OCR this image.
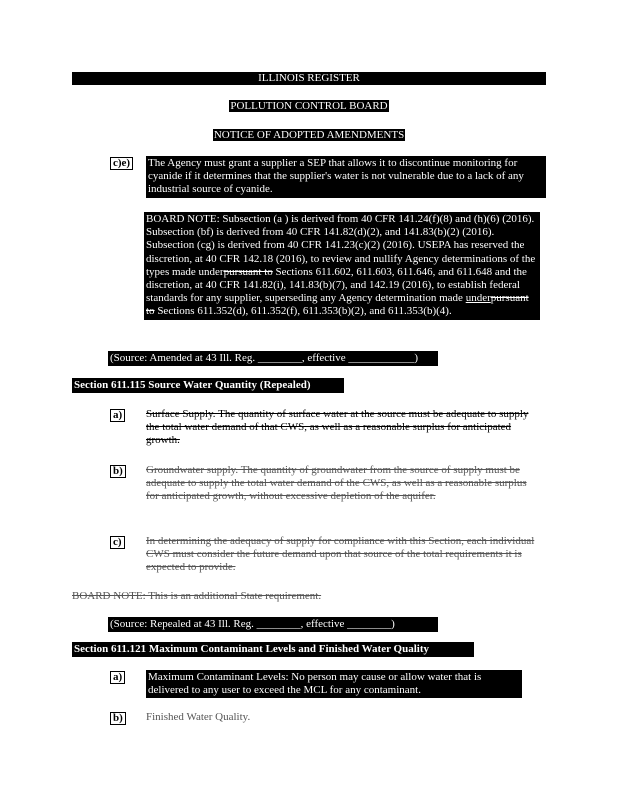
ILLINOIS REGISTER
POLLUTION CONTROL BOARD
NOTICE OF ADOPTED AMENDMENTS
c)e) The Agency must grant a supplier a SEP that allows it to discontinue monitoring for cyanide if it determines that the supplier's water is not vulnerable due to a lack of any industrial source of cyanide.
BOARD NOTE: Subsection (a ) is derived from 40 CFR 141.24(f)(8) and (h)(6) (2016). Subsection (bf) is derived from 40 CFR 141.82(d)(2), and 141.83(b)(2) (2016). Subsection (cg) is derived from 40 CFR 141.23(c)(2) (2016). USEPA has reserved the discretion, at 40 CFR 142.18 (2016), to review and nullify Agency determinations of the types made underpursuant to Sections 611.602, 611.603, 611.646, and 611.648 and the discretion, at 40 CFR 141.82(i), 141.83(b)(7), and 142.19 (2016), to establish federal standards for any supplier, superseding any Agency determination made underpursuant to Sections 611.352(d), 611.352(f), 611.353(b)(2), and 611.353(b)(4).
(Source: Amended at 43 Ill. Reg. ________, effective ____________)
Section 611.115 Source Water Quantity (Repealed)
a) Surface Supply. The quantity of surface water at the source must be adequate to supply the total water demand of that CWS, as well as a reasonable surplus for anticipated growth.
b) Groundwater supply. The quantity of groundwater from the source of supply must be adequate to supply the total water demand of the CWS, as well as a reasonable surplus for anticipated growth, without excessive depletion of the aquifer.
c) In determining the adequacy of supply for compliance with this Section, each individual CWS must consider the future demand upon that source of the total requirements it is expected to provide.
BOARD NOTE: This is an additional State requirement.
(Source: Repealed at 43 Ill. Reg. ________, effective ________)
Section 611.121 Maximum Contaminant Levels and Finished Water Quality
a) Maximum Contaminant Levels: No person may cause or allow water that is delivered to any user to exceed the MCL for any contaminant.
b) Finished Water Quality.
